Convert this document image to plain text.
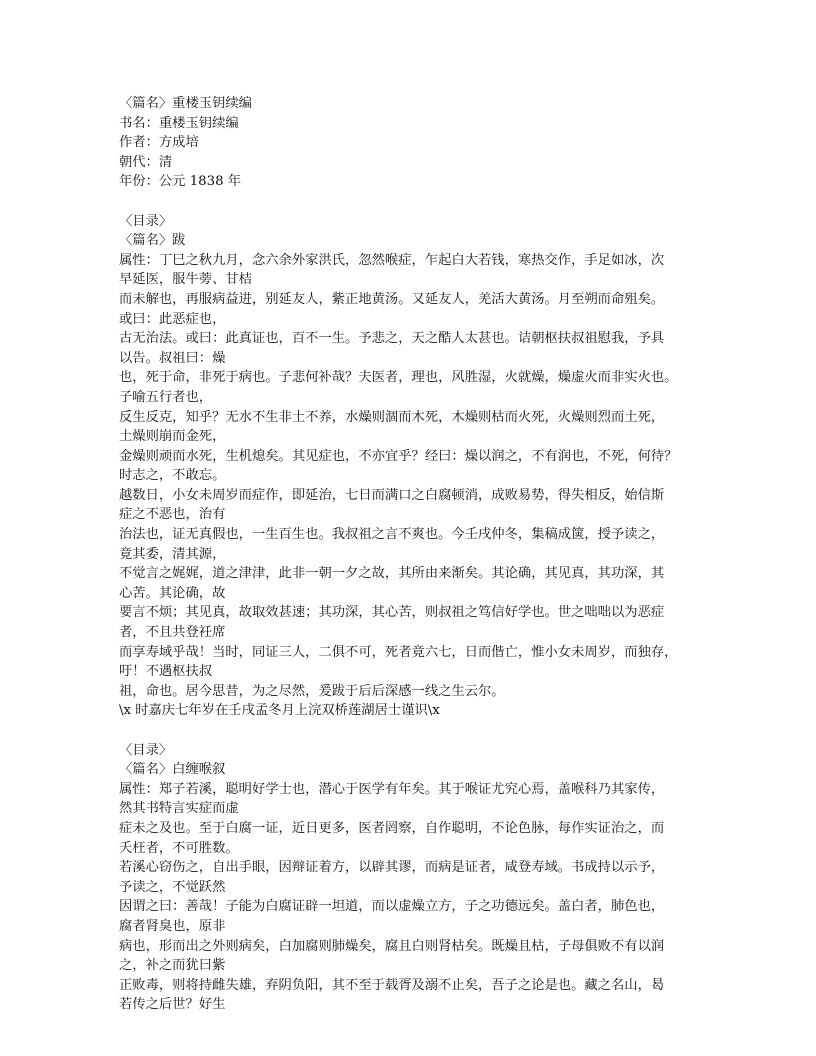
〈篇名〉重楼玉钥续编
书名：重楼玉钥续编
作者：方成培
朝代：清
年份：公元 1838 年
〈目录〉
〈篇名〉跋
属性：丁巳之秋九月，念六余外家洪氏，忽然喉症，乍起白大若钱，寒热交作，手足如冰，次
早延医，服牛蒡、甘桔
而未解也，再服病益进，别延友人，紫正地黄汤。又延友人，羌活大黄汤。月至朔而命殂矣。
或曰：此恶症也，
古无治法。或曰：此真证也，百不一生。予悲之，天之酷人太甚也。诘朝枢扶叔祖慰我，予具
以告。叔祖曰：燥
也，死于命，非死于病也。子悲何补哉？夫医者，理也，风胜湿，火就燥，燥虚火而非实火也。
子喻五行者也，
反生反克，知乎？无水不生非土不养，水燥则涸而木死，木燥则枯而火死，火燥则烈而土死，
土燥则崩而金死，
金燥则顽而水死，生机熄矣。其见症也，不亦宜乎？经曰：燥以润之，不有润也，不死，何待？
时志之，不敢忘。
越数日，小女未周岁而症作，即延治，七日而满口之白腐顿消，成败易势，得失相反，始信斯
症之不恶也，治有
治法也，证无真假也，一生百生也。我叔祖之言不爽也。今壬戌仲冬，集稿成箧，授予读之，
竟其委，清其源，
不觉言之娓娓，道之津津，此非一朝一夕之故，其所由来渐矣。其论确，其见真，其功深，其
心苦。其论确，故
要言不烦；其见真，故取效甚速；其功深，其心苦，则叔祖之笃信好学也。世之咄咄以为恶症
者，不且共登衽席
而享寿域乎哉！当时，同证三人，二俱不可，死者竟六七，日而偕亡，惟小女未周岁，而独存，
吁！不遇枢扶叔
祖，命也。居今思昔，为之尽然，爰跋于后后深感一线之生云尔。
\x 时嘉庆七年岁在壬戌孟冬月上浣双桥莲湖居士谨识\x
〈目录〉
〈篇名〉白缠喉叙
属性：郑子若溪，聪明好学士也，潜心于医学有年矣。其于喉证尤究心焉，盖喉科乃其家传，
然其书特言实症而虚
症未之及也。至于白腐一证，近日更多，医者罔察，自作聪明，不论色脉，每作实证治之，而
夭枉者，不可胜数。
若溪心窃伤之，自出手眼，因辩证着方，以辟其谬，而病是证者，咸登寿域。书成持以示予，
予读之，不觉跃然
因谓之曰：善哉！子能为白腐证辟一坦道，而以虚燥立方，子之功德远矣。盖白者，肺色也，
腐者肾臭也，原非
病也，形而出之外则病矣，白加腐则肺燥矣，腐且白则肾枯矣。既燥且枯，子母俱败不有以润
之，补之而犹曰紫
正败毒，则将持雌失雄，弃阴负阳，其不至于载胥及溺不止矣，吾子之论是也。藏之名山，曷
若传之后世？好生
